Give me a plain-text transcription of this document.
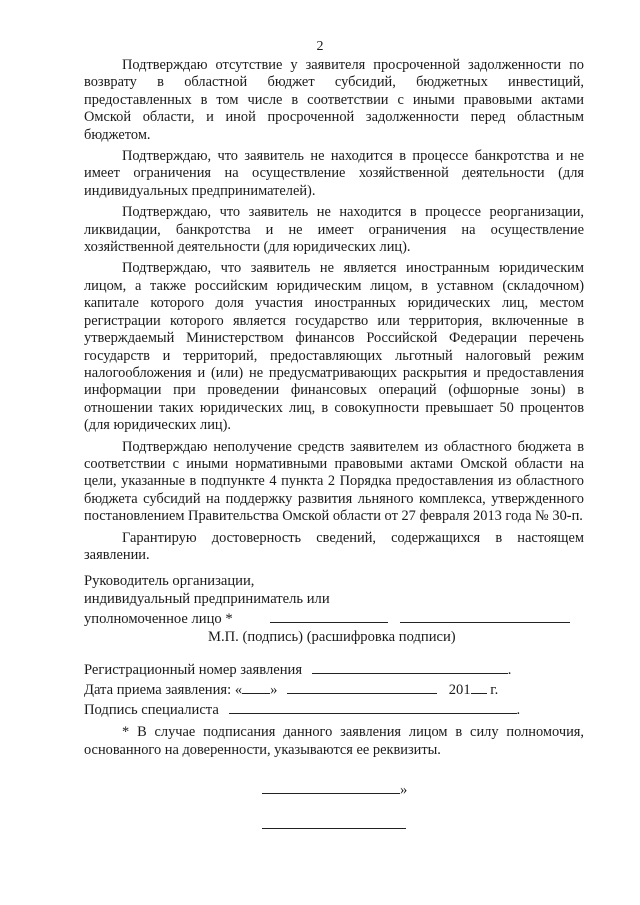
2

Подтверждаю отсутствие у заявителя просроченной задолженности по возврату в областной бюджет субсидий, бюджетных инвестиций, предоставленных в том числе в соответствии с иными правовыми актами Омской области, и иной просроченной задолженности перед областным бюджетом.

Подтверждаю, что заявитель не находится в процессе банкротства и не имеет ограничения на осуществление хозяйственной деятельности (для индивидуальных предпринимателей).

Подтверждаю, что заявитель не находится в процессе реорганизации, ликвидации, банкротства и не имеет ограничения на осуществление хозяйственной деятельности (для юридических лиц).

Подтверждаю, что заявитель не является иностранным юридическим лицом, а также российским юридическим лицом, в уставном (складочном) капитале которого доля участия иностранных юридических лиц, местом регистрации которого является государство или территория, включенные в утверждаемый Министерством финансов Российской Федерации перечень государств и территорий, предоставляющих льготный налоговый режим налогообложения и (или) не предусматривающих раскрытия и предоставления информации при проведении финансовых операций (офшорные зоны) в отношении таких юридических лиц, в совокупности превышает 50 процентов (для юридических лиц).

Подтверждаю неполучение средств заявителем из областного бюджета в соответствии с иными нормативными правовыми актами Омской области на цели, указанные в подпункте 4 пункта 2 Порядка предоставления из областного бюджета субсидий на поддержку развития льняного комплекса, утвержденного постановлением Правительства Омской области от 27 февраля 2013 года № 30-п.

Гарантирую достоверность сведений, содержащихся в настоящем заявлении.

Руководитель организации,
индивидуальный предприниматель или
уполномоченное лицо *
М.П. (подпись) (расшифровка подписи)
Регистрационный номер заявления	.
Дата приема заявления: « »	201 г.
Подпись специалиста	.
* В случае подписания данного заявления лицом в силу полномочия, основанного на доверенности, указываются ее реквизиты.
»
